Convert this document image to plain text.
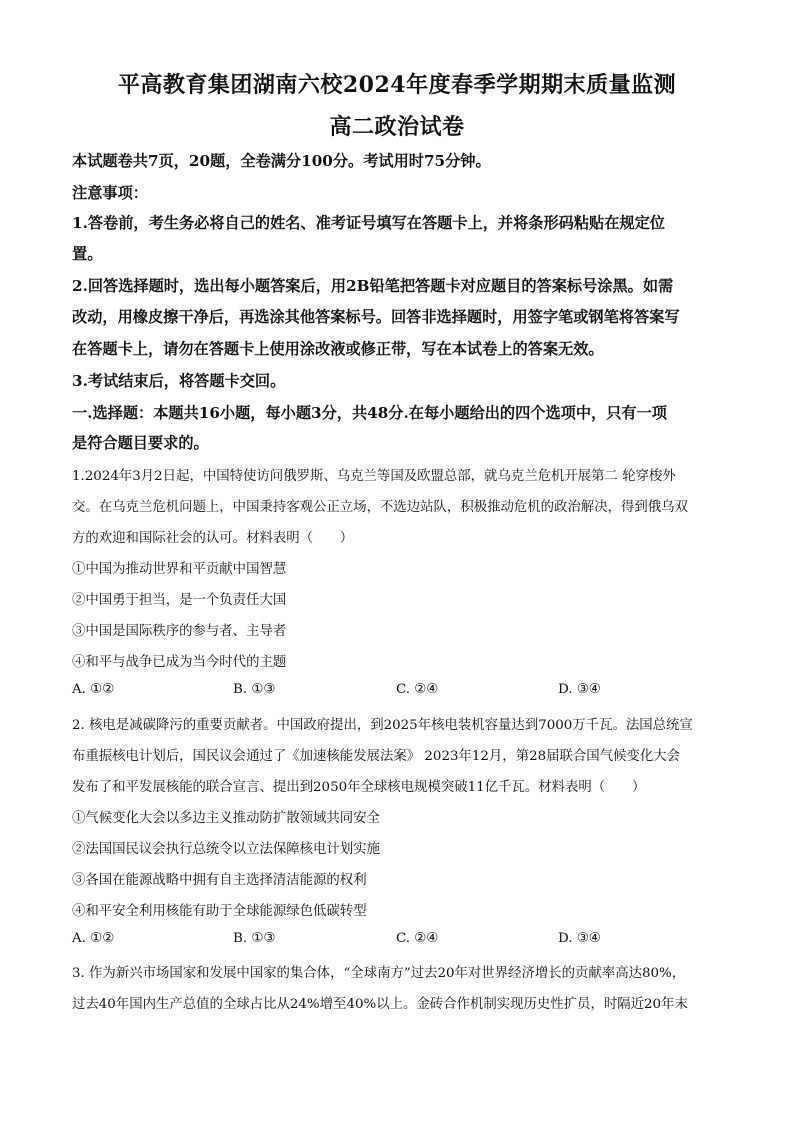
平高教育集团湖南六校2024年度春季学期期末质量监测
高二政治试卷
本试题卷共7页，20题，全卷满分100分。考试用时75分钟。
注意事项：
1.答卷前，考生务必将自己的姓名、准考证号填写在答题卡上，并将条形码粘贴在规定位
置。
2.回答选择题时，选出每小题答案后，用2B铅笔把答题卡对应题目的答案标号涂黑。如需
改动，用橡皮擦干净后，再选涂其他答案标号。回答非选择题时，用签字笔或钢笔将答案写
在答题卡上，请勿在答题卡上使用涂改液或修正带，写在本试卷上的答案无效。
3.考试结束后，将答题卡交回。
一.选择题：本题共16小题，每小题3分，共48分.在每小题给出的四个选项中，只有一项
是符合题目要求的。
1.2024年3月2日起，中国特使访问俄罗斯、乌克兰等国及欧盟总部，就乌克兰危机开展第二 轮穿梭外
交。在乌克兰危机问题上，中国秉持客观公正立场，不选边站队，积极推动危机的政治解决，得到俄乌双
方的欢迎和国际社会的认可。材料表明（　　）
①中国为推动世界和平贡献中国智慧
②中国勇于担当，是一个负责任大国
③中国是国际秩序的参与者、主导者
④和平与战争已成为当今时代的主题
A. ①②	B. ①③	C. ②④	D. ③④
2. 核电是减碳降污的重要贡献者。中国政府提出，到2025年核电装机容量达到7000万千瓦。法国总统宣
布重振核电计划后，国民议会通过了《加速核能发展法案》 2023年12月，第28届联合国气候变化大会
发布了和平发展核能的联合宣言、提出到2050年全球核电规模突破11亿千瓦。材料表明（　　）
①气候变化大会以多边主义推动防扩散领域共同安全
②法国国民议会执行总统令以立法保障核电计划实施
③各国在能源战略中拥有自主选择清洁能源的权利
④和平安全利用核能有助于全球能源绿色低碳转型
A. ①②	B. ①③	C. ②④	D. ③④
3. 作为新兴市场国家和发展中国家的集合体，“全球南方”过去20年对世界经济增长的贡献率高达80%，
过去40年国内生产总值的全球占比从24%增至40%以上。金砖合作机制实现历史性扩员，时隔近20年末
